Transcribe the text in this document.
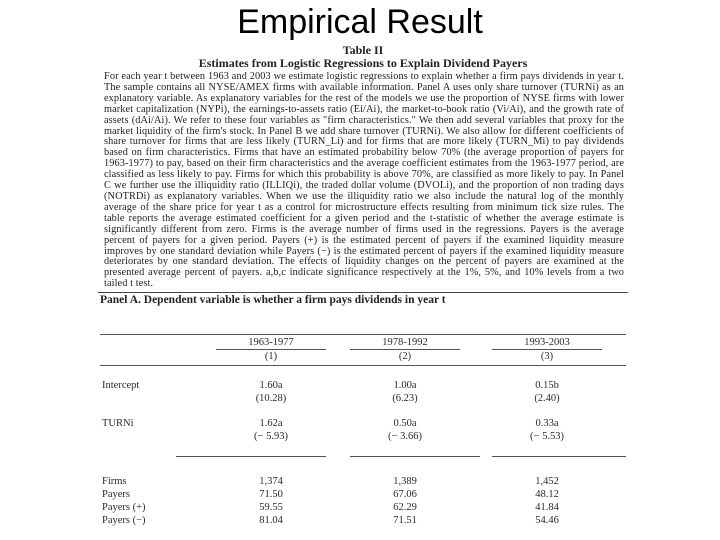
Empirical Result
Table II
Estimates from Logistic Regressions to Explain Dividend Payers
For each year t between 1963 and 2003 we estimate logistic regressions to explain whether a firm pays dividends in year t. The sample contains all NYSE/AMEX firms with available information. Panel A uses only share turnover (TURNi) as an explanatory variable. As explanatory variables for the rest of the models we use the proportion of NYSE firms with lower market capitalization (NYPi), the earnings-to-assets ratio (Ei/Ai), the market-to-book ratio (Vi/Ai), and the growth rate of assets (dAi/Ai). We refer to these four variables as "firm characteristics." We then add several variables that proxy for the market liquidity of the firm's stock. In Panel B we add share turnover (TURNi). We also allow for different coefficients of share turnover for firms that are less likely (TURN_Li) and for firms that are more likely (TURN_Mi) to pay dividends based on firm characteristics. Firms that have an estimated probability below 70% (the average proportion of payers for 1963-1977) to pay, based on their firm characteristics and the average coefficient estimates from the 1963-1977 period, are classified as less likely to pay. Firms for which this probability is above 70%, are classified as more likely to pay. In Panel C we further use the illiquidity ratio (ILLIQi), the traded dollar volume (DVOLi), and the proportion of non trading days (NOTRDi) as explanatory variables. When we use the illiquidity ratio we also include the natural log of the monthly average of the share price for year t as a control for microstructure effects resulting from minimum tick size rules. The table reports the average estimated coefficient for a given period and the t-statistic of whether the average estimate is significantly different from zero. Firms is the average number of firms used in the regressions. Payers is the average percent of payers for a given period. Payers (+) is the estimated percent of payers if the examined liquidity measure improves by one standard deviation while Payers (−) is the estimated percent of payers if the examined liquidity measure deteriorates by one standard deviation. The effects of liquidity changes on the percent of payers are examined at the presented average percent of payers. a,b,c indicate significance respectively at the 1%, 5%, and 10% levels from a two tailed t test.
Panel A. Dependent variable is whether a firm pays dividends in year t
1963-1977	1978-1992	1993-2003
(1)	(2)	(3)
Intercept	1.60a	1.00a	0.15b
(10.28)	(6.23)	(2.40)
TURNi	1.62a	0.50a	0.33a
(− 5.93)	(− 3.66)	(− 5.53)
Firms	1,374	1,389	1,452
Payers	71.50	67.06	48.12
Payers (+)	59.55	62.29	41.84
Payers (−)	81.04	71.51	54.46
